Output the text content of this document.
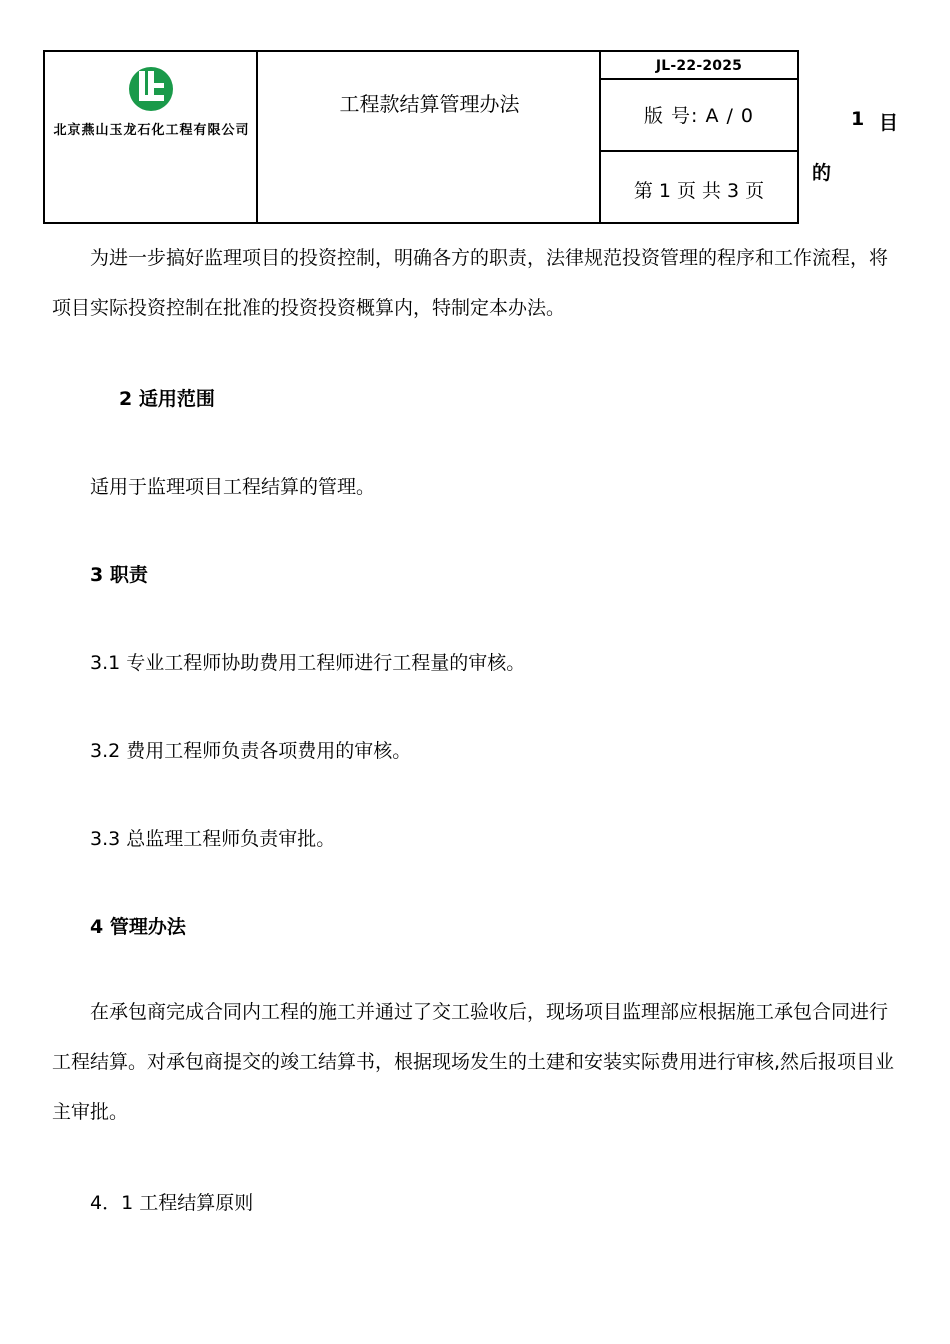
北京燕山玉龙石化工程有限公司
工程款结算管理办法
JL-22-2025
版 号: A / 0
第 1 页 共 3 页
1 目
的

为进一步搞好监理项目的投资控制，明确各方的职责，法律规范投资管理的程序和工作流程，将项目实际投资控制在批准的投资投资概算内，特制定本办法。

2 适用范围
适用于监理项目工程结算的管理。
3 职责
3.1 专业工程师协助费用工程师进行工程量的审核。
3.2 费用工程师负责各项费用的审核。
3.3 总监理工程师负责审批。
4 管理办法

在承包商完成合同内工程的施工并通过了交工验收后，现场项目监理部应根据施工承包合同进行工程结算。对承包商提交的竣工结算书，根据现场发生的土建和安装实际费用进行审核,然后报项目业主审批。

4．1 工程结算原则
